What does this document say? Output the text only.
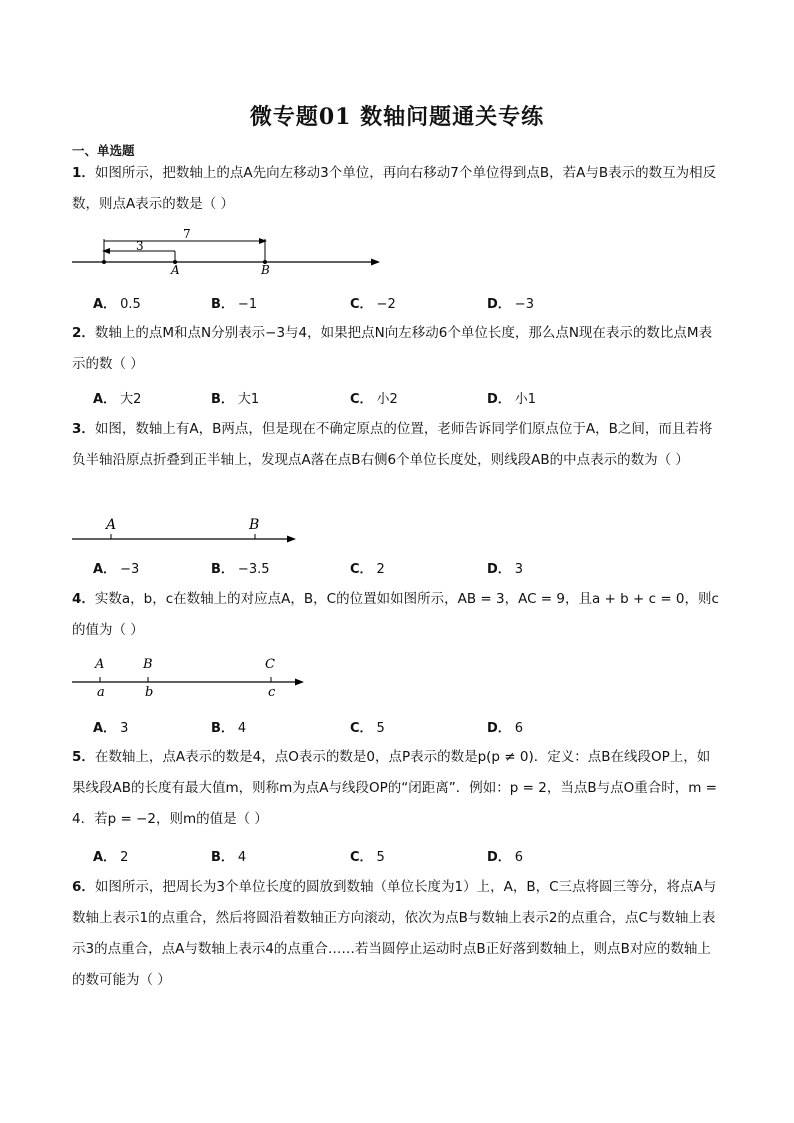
微专题01 数轴问题通关专练
一、单选题
1．如图所示，把数轴上的点A先向左移动3个单位，再向右移动7个单位得到点B，若A与B表示的数互为相反数，则点A表示的数是（ ）
7
3
A	B
A． 0.5	B． −1	C． −2	D． −3
2．数轴上的点M和点N分别表示−3与4，如果把点N向左移动6个单位长度，那么点N现在表示的数比点M表示的数（ ）
A． 大2	B． 大1	C． 小2	D． 小1
3．如图，数轴上有A，B两点，但是现在不确定原点的位置，老师告诉同学们原点位于A，B之间，而且若将负半轴沿原点折叠到正半轴上，发现点A落在点B右侧6个单位长度处，则线段AB的中点表示的数为（ ）
A	B
A． −3	B． −3.5	C． 2	D． 3
4．实数a，b，c在数轴上的对应点A，B，C的位置如如图所示，AB = 3，AC = 9，且a + b + c = 0，则c的值为（ ）
A	B	C
a	b	c
A． 3	B． 4	C． 5	D． 6
5．在数轴上，点A表示的数是4，点O表示的数是0，点P表示的数是p(p ≠ 0)．定义：点B在线段OP上，如果线段AB的长度有最大值m，则称m为点A与线段OP的“闭距离”．例如：p = 2，当点B与点O重合时，m = 4．若p = −2，则m的值是（ ）
A． 2	B． 4	C． 5	D． 6
6．如图所示，把周长为3个单位长度的圆放到数轴（单位长度为1）上，A，B，C三点将圆三等分，将点A与数轴上表示1的点重合，然后将圆沿着数轴正方向滚动，依次为点B与数轴上表示2的点重合，点C与数轴上表示3的点重合，点A与数轴上表示4的点重合……若当圆停止运动时点B正好落到数轴上，则点B对应的数轴上的数可能为（ ）
